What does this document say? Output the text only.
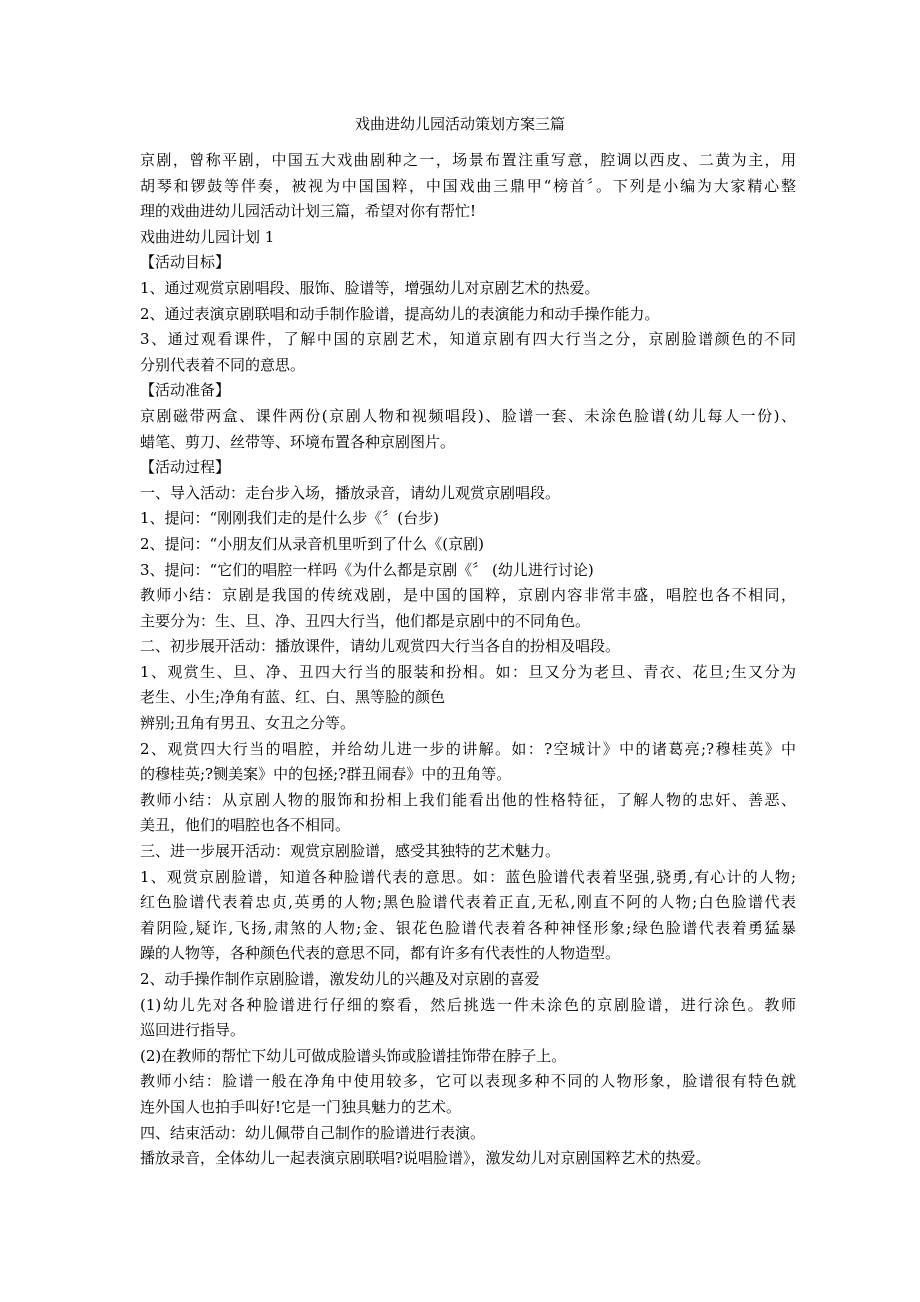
戏曲进幼儿园活动策划方案三篇
京剧，曾称平剧，中国五大戏曲剧种之一，场景布置注重写意，腔调以西皮、二黄为主，用
胡琴和锣鼓等伴奏，被视为中国国粹，中国戏曲三鼎甲“榜首〞。下列是小编为大家精心整
理的戏曲进幼儿园活动计划三篇，希望对你有帮忙!
戏曲进幼儿园计划 1
【活动目标】
1、通过观赏京剧唱段、服饰、脸谱等，增强幼儿对京剧艺术的热爱。
2、通过表演京剧联唱和动手制作脸谱，提高幼儿的表演能力和动手操作能力。
3、通过观看课件，了解中国的京剧艺术，知道京剧有四大行当之分，京剧脸谱颜色的不同
分别代表着不同的意思。
【活动准备】
京剧磁带两盒、课件两份(京剧人物和视频唱段)、脸谱一套、未涂色脸谱(幼儿每人一份)、
蜡笔、剪刀、丝带等、环境布置各种京剧图片。
【活动过程】
一、导入活动：走台步入场，播放录音，请幼儿观赏京剧唱段。
1、提问：“刚刚我们走的是什么步《〞(台步)
2、提问：“小朋友们从录音机里听到了什么《(京剧)
3、提问：“它们的唱腔一样吗《为什么都是京剧《〞 (幼儿进行讨论)
教师小结：京剧是我国的传统戏剧，是中国的国粹，京剧内容非常丰盛，唱腔也各不相同，
主要分为：生、旦、净、丑四大行当，他们都是京剧中的不同角色。
二、初步展开活动：播放课件，请幼儿观赏四大行当各自的扮相及唱段。
1、观赏生、旦、净、丑四大行当的服装和扮相。如：旦又分为老旦、青衣、花旦;生又分为
老生、小生;净角有蓝、红、白、黑等脸的颜色
辨别;丑角有男丑、女丑之分等。
2、观赏四大行当的唱腔，并给幼儿进一步的讲解。如：?空城计》中的诸葛亮;?穆桂英》中
的穆桂英;?铡美案》中的包拯;?群丑闹春》中的丑角等。
教师小结：从京剧人物的服饰和扮相上我们能看出他的性格特征，了解人物的忠奸、善恶、
美丑，他们的唱腔也各不相同。
三、进一步展开活动：观赏京剧脸谱，感受其独特的艺术魅力。
1、观赏京剧脸谱，知道各种脸谱代表的意思。如：蓝色脸谱代表着坚强,骁勇,有心计的人物;
红色脸谱代表着忠贞,英勇的人物;黑色脸谱代表着正直,无私,刚直不阿的人物;白色脸谱代表
着阴险,疑诈,飞扬,肃煞的人物;金、银花色脸谱代表着各种神怪形象;绿色脸谱代表着勇猛暴
躁的人物等，各种颜色代表的意思不同，都有许多有代表性的人物造型。
2、动手操作制作京剧脸谱，激发幼儿的兴趣及对京剧的喜爱
(1)幼儿先对各种脸谱进行仔细的察看，然后挑选一件未涂色的京剧脸谱，进行涂色。教师
巡回进行指导。
(2)在教师的帮忙下幼儿可做成脸谱头饰或脸谱挂饰带在脖子上。
教师小结：脸谱一般在净角中使用较多，它可以表现多种不同的人物形象，脸谱很有特色就
连外国人也拍手叫好!它是一门独具魅力的艺术。
四、结束活动：幼儿佩带自己制作的脸谱进行表演。
播放录音，全体幼儿一起表演京剧联唱?说唱脸谱》，激发幼儿对京剧国粹艺术的热爱。
